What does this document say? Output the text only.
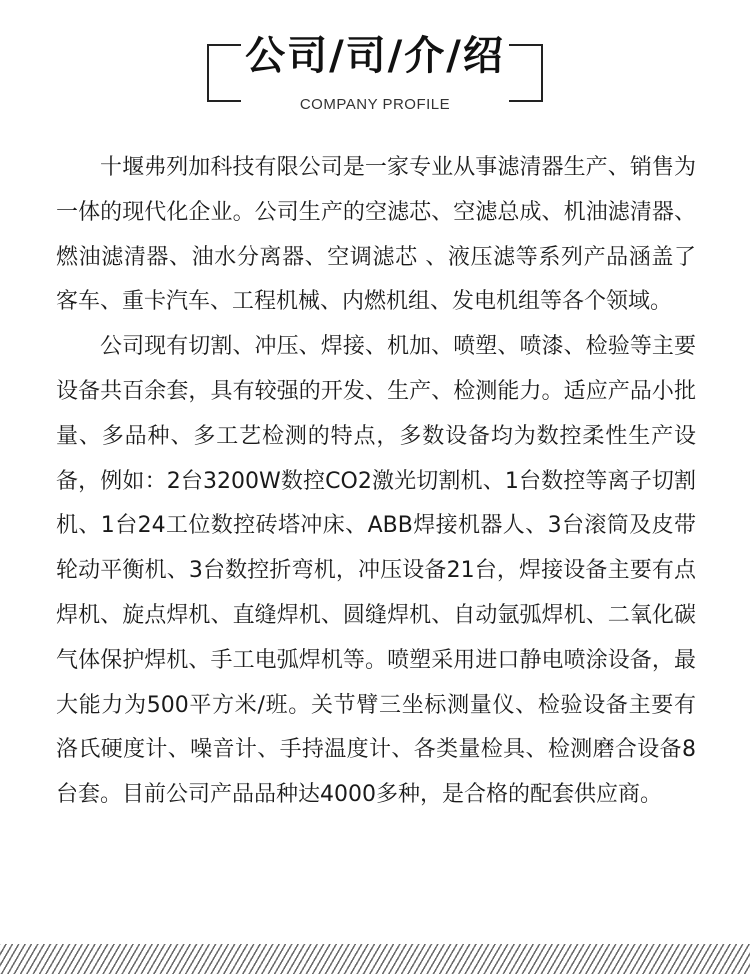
公司/司/介/绍
COMPANY PROFILE

十堰弗列加科技有限公司是一家专业从事滤清器生产、销售为一体的现代化企业。公司生产的空滤芯、空滤总成、机油滤清器、燃油滤清器、油水分离器、空调滤芯 、液压滤等系列产品涵盖了客车、重卡汽车、工程机械、内燃机组、发电机组等各个领域。

公司现有切割、冲压、焊接、机加、喷塑、喷漆、检验等主要设备共百余套，具有较强的开发、生产、检测能力。适应产品小批量、多品种、多工艺检测的特点，多数设备均为数控柔性生产设备，例如：2台3200W数控CO2激光切割机、1台数控等离子切割机、1台24工位数控砖塔冲床、ABB焊接机器人、3台滚筒及皮带轮动平衡机、3台数控折弯机，冲压设备21台，焊接设备主要有点焊机、旋点焊机、直缝焊机、圆缝焊机、自动氩弧焊机、二氧化碳气体保护焊机、手工电弧焊机等。喷塑采用进口静电喷涂设备，最大能力为500平方米/班。关节臂三坐标测量仪、检验设备主要有洛氏硬度计、噪音计、手持温度计、各类量检具、检测磨合设备8台套。目前公司产品品种达4000多种，是合格的配套供应商。
